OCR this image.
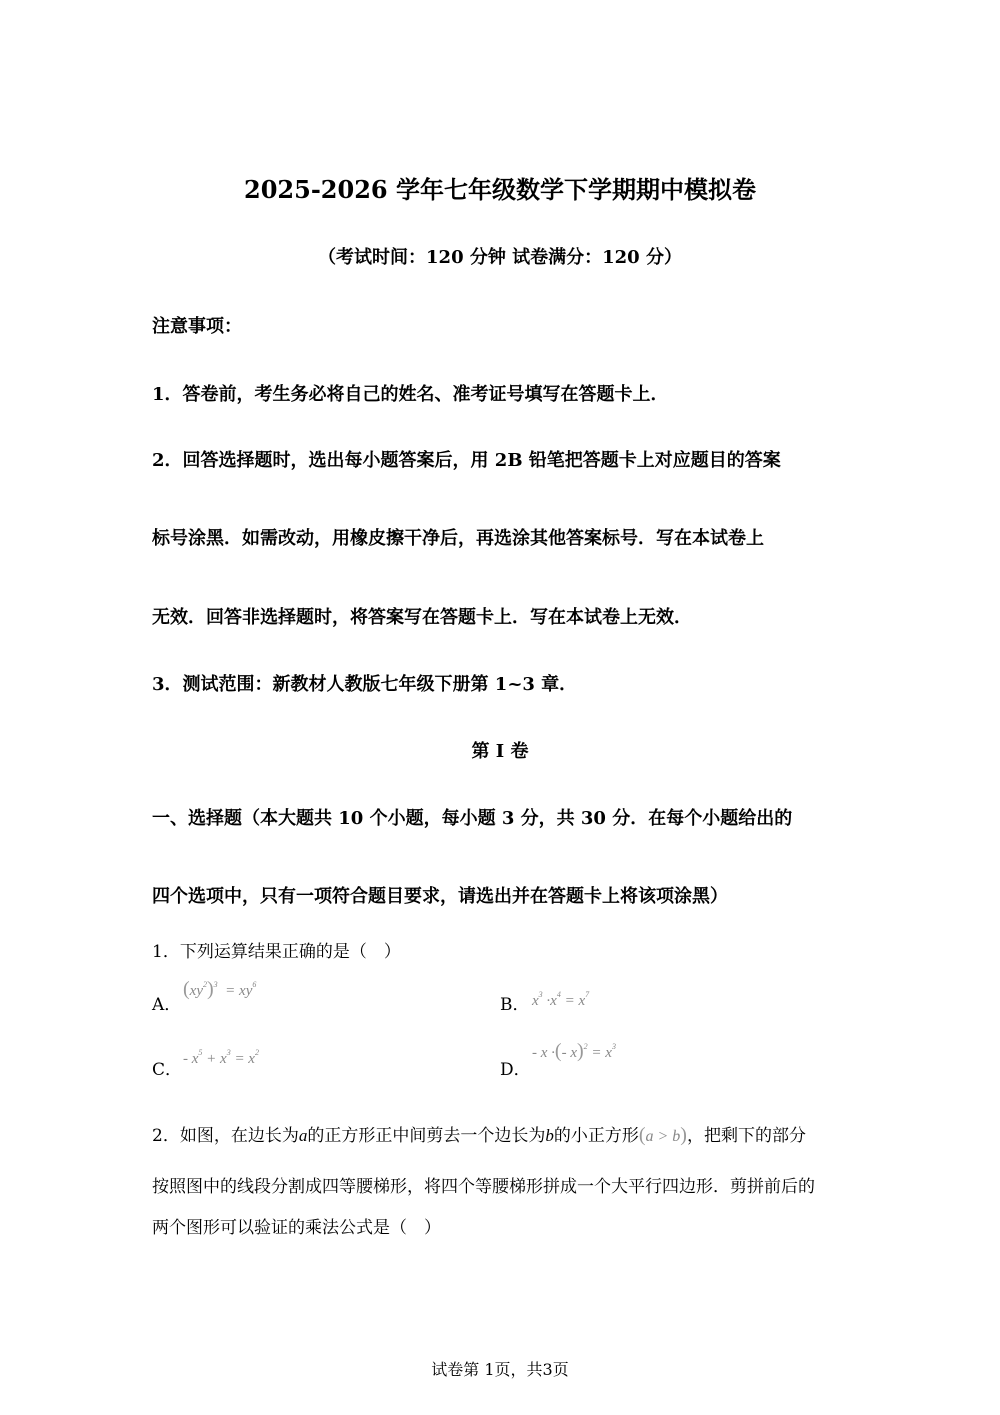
2025-2026 学年七年级数学下学期期中模拟卷
（考试时间：120 分钟 试卷满分：120 分）
注意事项：
1．答卷前，考生务必将自己的姓名、准考证号填写在答题卡上．
2．回答选择题时，选出每小题答案后，用 2B 铅笔把答题卡上对应题目的答案
标号涂黑．如需改动，用橡皮擦干净后，再选涂其他答案标号．写在本试卷上
无效．回答非选择题时，将答案写在答题卡上．写在本试卷上无效．
3．测试范围：新教材人教版七年级下册第 1~3 章．
第 I 卷
一、选择题（本大题共 10 个小题，每小题 3 分，共 30 分．在每个小题给出的
四个选项中，只有一项符合题目要求，请选出并在答题卡上将该项涂黑）
1．下列运算结果正确的是（　）
A．
$(xy^2)^3 = xy^6$
B． $x^3 \cdot x^4 = x^7$
C．
- $x^5 + x^3 = x^2$
D．
- x ·(- $x)^2 = x^3$
2．如图，在边长为a的正方形正中间剪去一个边长为b的小正方形(a > b)，把剩下的部分
按照图中的线段分割成四等腰梯形，将四个等腰梯形拼成一个大平行四边形．剪拼前后的
两个图形可以验证的乘法公式是（　）
试卷第 1页，共3页
